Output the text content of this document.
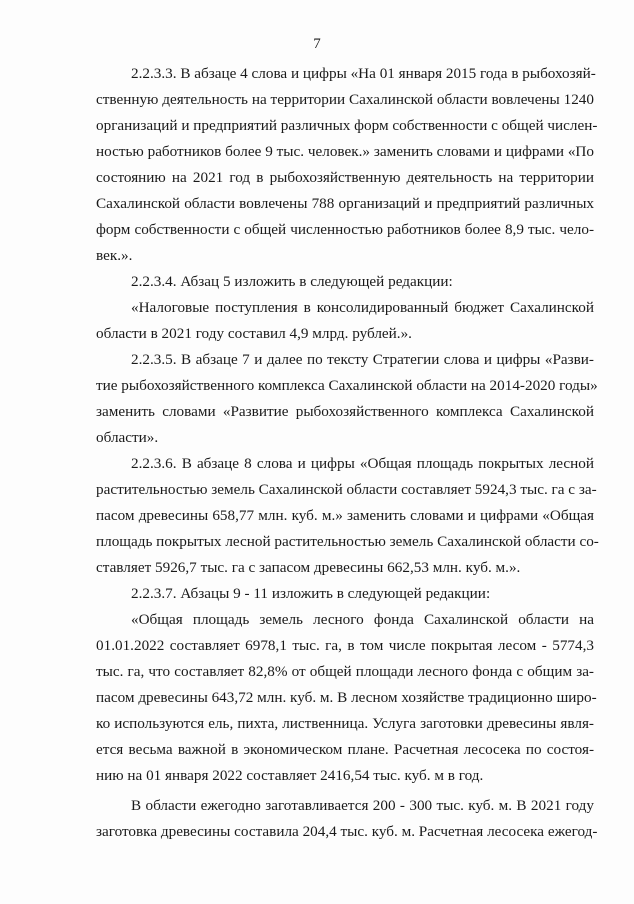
7
2.2.3.3. В абзаце 4 слова и цифры «На 01 января 2015 года в рыбохозяй-
ственную деятельность на территории Сахалинской области вовлечены 1240
организаций и предприятий различных форм собственности с общей числен-
ностью работников более 9 тыс. человек.» заменить словами и цифрами «По
состоянию на 2021 год в рыбохозяйственную деятельность на территории
Сахалинской области вовлечены 788 организаций и предприятий различных
форм собственности с общей численностью работников более 8,9 тыс. чело-
век.».
2.2.3.4. Абзац 5 изложить в следующей редакции:
«Налоговые поступления в консолидированный бюджет Сахалинской
области в 2021 году составил 4,9 млрд. рублей.».
2.2.3.5. В абзаце 7 и далее по тексту Стратегии слова и цифры «Разви-
тие рыбохозяйственного комплекса Сахалинской области на 2014-2020 годы»
заменить словами «Развитие рыбохозяйственного комплекса Сахалинской
области».
2.2.3.6. В абзаце 8 слова и цифры «Общая площадь покрытых лесной
растительностью земель Сахалинской области составляет 5924,3 тыс. га с за-
пасом древесины 658,77 млн. куб. м.» заменить словами и цифрами «Общая
площадь покрытых лесной растительностью земель Сахалинской области со-
ставляет 5926,7 тыс. га с запасом древесины 662,53 млн. куб. м.».
2.2.3.7. Абзацы 9 - 11 изложить в следующей редакции:
«Общая площадь земель лесного фонда Сахалинской области на
01.01.2022 составляет 6978,1 тыс. га, в том числе покрытая лесом - 5774,3
тыс. га, что составляет 82,8% от общей площади лесного фонда с общим за-
пасом древесины 643,72 млн. куб. м. В лесном хозяйстве традиционно широ-
ко используются ель, пихта, лиственница. Услуга заготовки древесины явля-
ется весьма важной в экономическом плане. Расчетная лесосека по состоя-
нию на 01 января 2022 составляет 2416,54 тыс. куб. м в год.
В области ежегодно заготавливается 200 - 300 тыс. куб. м. В 2021 году
заготовка древесины составила 204,4 тыс. куб. м. Расчетная лесосека ежегод-
